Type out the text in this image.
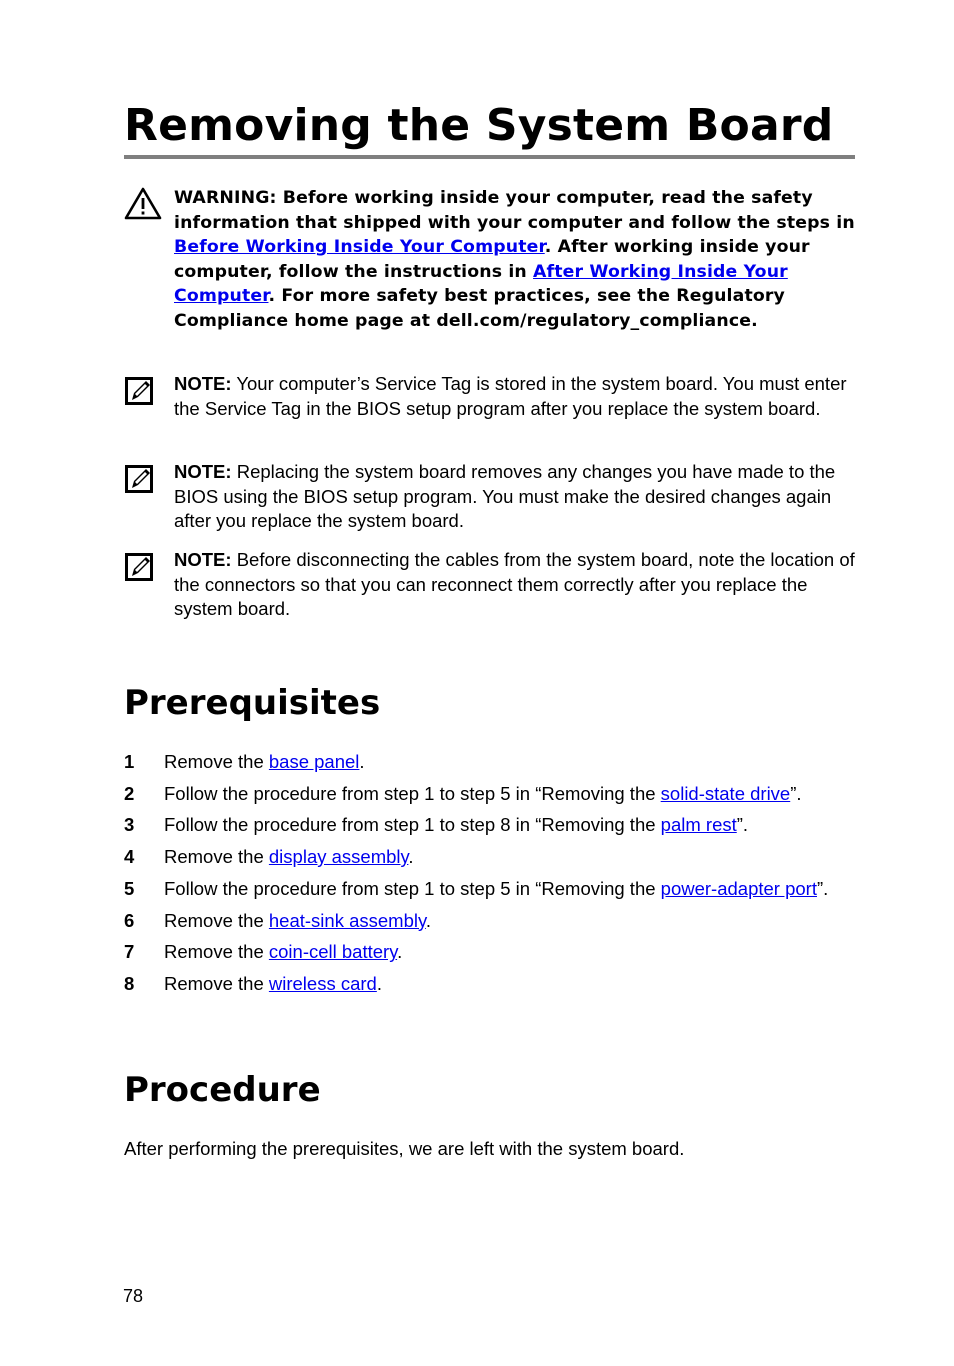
Removing the System Board
WARNING: Before working inside your computer, read the safety information that shipped with your computer and follow the steps in Before Working Inside Your Computer. After working inside your computer, follow the instructions in After Working Inside Your Computer. For more safety best practices, see the Regulatory Compliance home page at dell.com/regulatory_compliance.
NOTE: Your computer’s Service Tag is stored in the system board. You must enter the Service Tag in the BIOS setup program after you replace the system board.
NOTE: Replacing the system board removes any changes you have made to the BIOS using the BIOS setup program. You must make the desired changes again after you replace the system board.
NOTE: Before disconnecting the cables from the system board, note the location of the connectors so that you can reconnect them correctly after you replace the system board.
Prerequisites
1 Remove the base panel.
2 Follow the procedure from step 1 to step 5 in “Removing the solid-state drive”.
3 Follow the procedure from step 1 to step 8 in “Removing the palm rest”.
4 Remove the display assembly.
5 Follow the procedure from step 1 to step 5 in “Removing the power-adapter port”.
6 Remove the heat-sink assembly.
7 Remove the coin-cell battery.
8 Remove the wireless card.
Procedure
After performing the prerequisites, we are left with the system board.
78
